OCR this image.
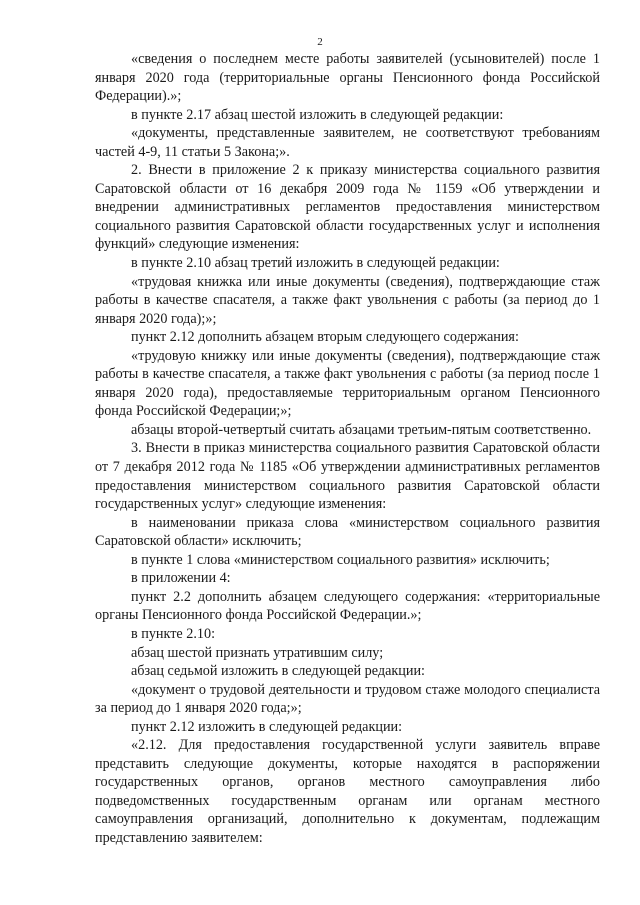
2

«сведения о последнем месте работы заявителей (усыновителей) после 1 января 2020 года (территориальные органы Пенсионного фонда Российской Федерации).»;

в пункте 2.17 абзац шестой изложить в следующей редакции:

«документы, представленные заявителем, не соответствуют требованиям частей 4-9, 11 статьи 5 Закона;».

2. Внести в приложение 2 к приказу министерства социального развития Саратовской области от 16 декабря 2009 года № 1159 «Об утверждении и внедрении административных регламентов предоставления министерством социального развития Саратовской области государственных услуг и исполнения функций» следующие изменения:

в пункте 2.10 абзац третий изложить в следующей редакции:

«трудовая книжка или иные документы (сведения), подтверждающие стаж работы в качестве спасателя, а также факт увольнения с работы (за период до 1 января 2020 года);»;

пункт 2.12 дополнить абзацем вторым следующего содержания:

«трудовую книжку или иные документы (сведения), подтверждающие стаж работы в качестве спасателя, а также факт увольнения с работы (за период после 1 января 2020 года), предоставляемые территориальным органом Пенсионного фонда Российской Федерации;»;

абзацы второй-четвертый считать абзацами третьим-пятым соответственно.

3. Внести в приказ министерства социального развития Саратовской области от 7 декабря 2012 года № 1185 «Об утверждении административных регламентов предоставления министерством социального развития Саратовской области государственных услуг» следующие изменения:

в наименовании приказа слова «министерством социального развития Саратовской области» исключить;

в пункте 1 слова «министерством социального развития» исключить;

в приложении 4:

пункт 2.2 дополнить абзацем следующего содержания: «территориальные органы Пенсионного фонда Российской Федерации.»;

в пункте 2.10:

абзац шестой признать утратившим силу;

абзац седьмой изложить в следующей редакции:

«документ о трудовой деятельности и трудовом стаже молодого специалиста за период до 1 января 2020 года;»;

пункт 2.12 изложить в следующей редакции:

«2.12. Для предоставления государственной услуги заявитель вправе представить следующие документы, которые находятся в распоряжении государственных органов, органов местного самоуправления либо подведомственных государственным органам или органам местного самоуправления организаций, дополнительно к документам, подлежащим представлению заявителем:
